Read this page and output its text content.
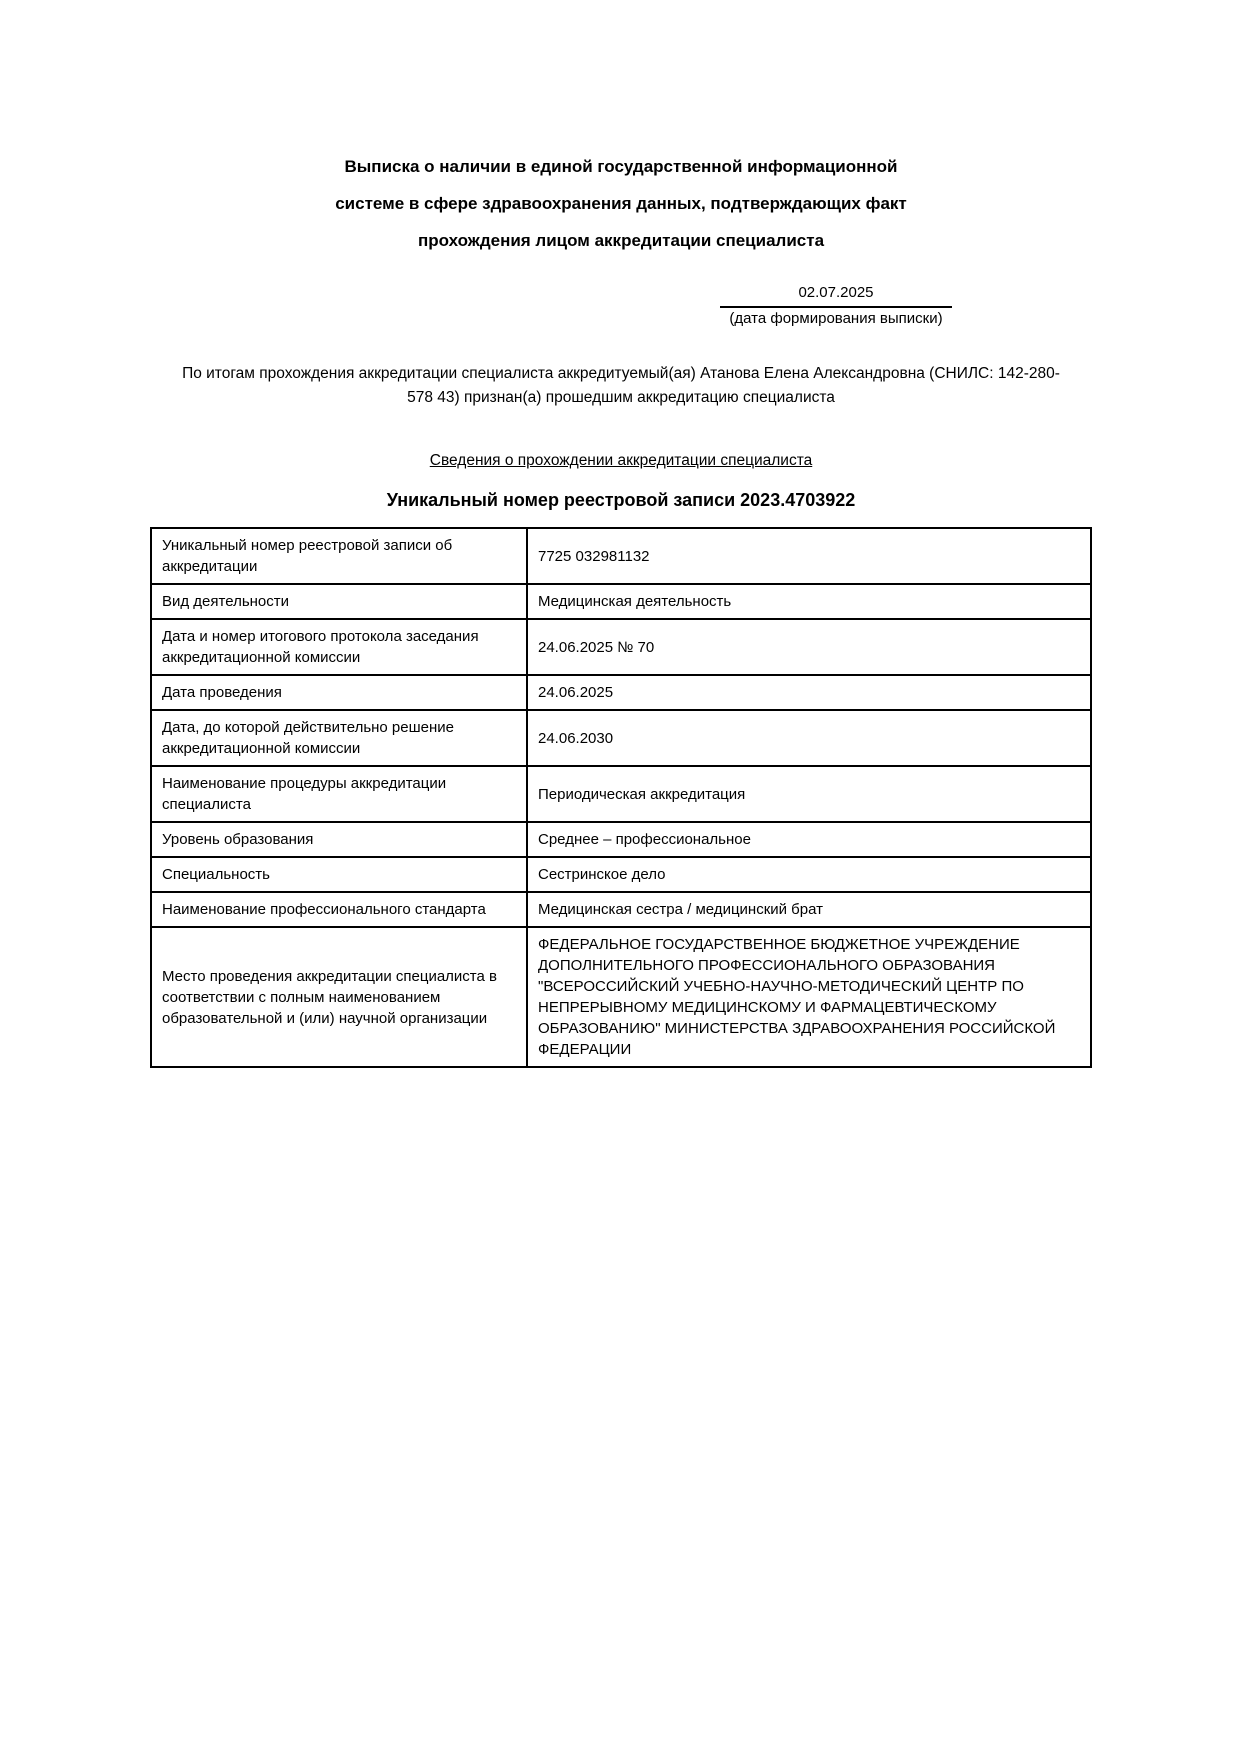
Выписка о наличии в единой государственной информационной
системе в сфере здравоохранения данных, подтверждающих факт
прохождения лицом аккредитации специалиста
02.07.2025
(дата формирования выписки)

По итогам прохождения аккредитации специалиста аккредитуемый(ая) Атанова Елена Александровна (СНИЛС: 142-280-578 43) признан(а) прошедшим аккредитацию специалиста

Сведения о прохождении аккредитации специалиста
Уникальный номер реестровой записи 2023.4703922
Уникальный номер реестровой записи об аккредитации	7725 032981132
Вид деятельности	Медицинская деятельность
Дата и номер итогового протокола заседания аккредитационной комиссии	24.06.2025 № 70
Дата проведения	24.06.2025
Дата, до которой действительно решение аккредитационной комиссии	24.06.2030
Наименование процедуры аккредитации специалиста	Периодическая аккредитация
Уровень образования	Среднее – профессиональное
Специальность	Сестринское дело
Наименование профессионального стандарта	Медицинская сестра / медицинский брат
Место проведения аккредитации специалиста в соответствии с полным наименованием образовательной и (или) научной организации	ФЕДЕРАЛЬНОЕ ГОСУДАРСТВЕННОЕ БЮДЖЕТНОЕ УЧРЕЖДЕНИЕ ДОПОЛНИТЕЛЬНОГО ПРОФЕССИОНАЛЬНОГО ОБРАЗОВАНИЯ "ВСЕРОССИЙСКИЙ УЧЕБНО-НАУЧНО-МЕТОДИЧЕСКИЙ ЦЕНТР ПО НЕПРЕРЫВНОМУ МЕДИЦИНСКОМУ И ФАРМАЦЕВТИЧЕСКОМУ ОБРАЗОВАНИЮ" МИНИСТЕРСТВА ЗДРАВООХРАНЕНИЯ РОССИЙСКОЙ ФЕДЕРАЦИИ
